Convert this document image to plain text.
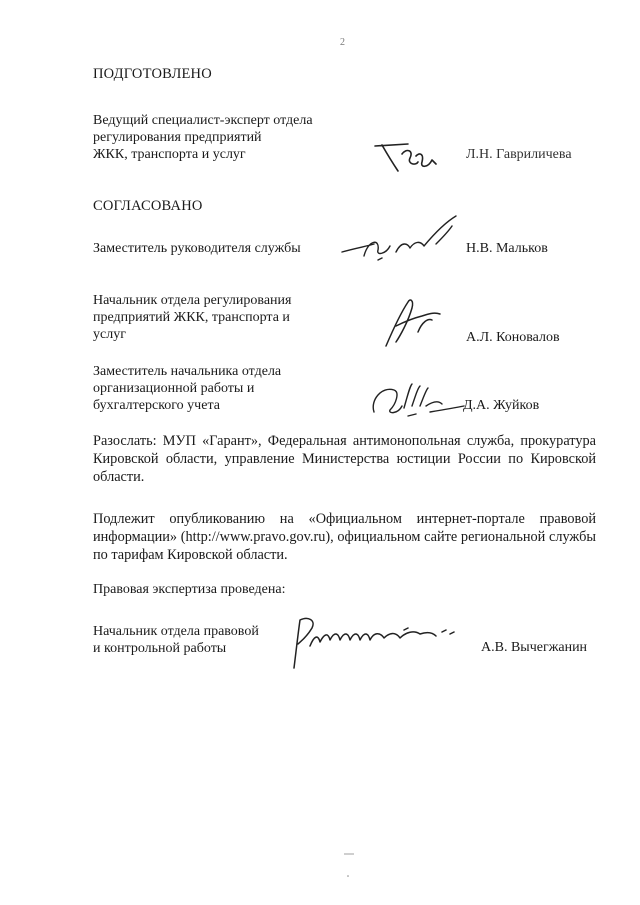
2
ПОДГОТОВЛЕНО
Ведущий специалист-эксперт отдела
регулирования предприятий
ЖКК, транспорта и услуг	Л.Н. Гавриличева
СОГЛАСОВАНО
Заместитель руководителя службы	Н.В. Мальков
Начальник отдела регулирования
предприятий ЖКК, транспорта и
услуг	А.Л. Коновалов
Заместитель начальника отдела
организационной работы и
бухгалтерского учета	Д.А. Жуйков
Разослать: МУП «Гарант», Федеральная антимонопольная служба, прокуратура Кировской области, управление Министерства юстиции России по Кировской области.
Подлежит опубликованию на «Официальном интернет-портале правовой информации» (http://www.pravo.gov.ru), официальном сайте региональной службы по тарифам Кировской области.
Правовая экспертиза проведена:
Начальник отдела правовой
и контрольной работы	А.В. Вычегжанин
